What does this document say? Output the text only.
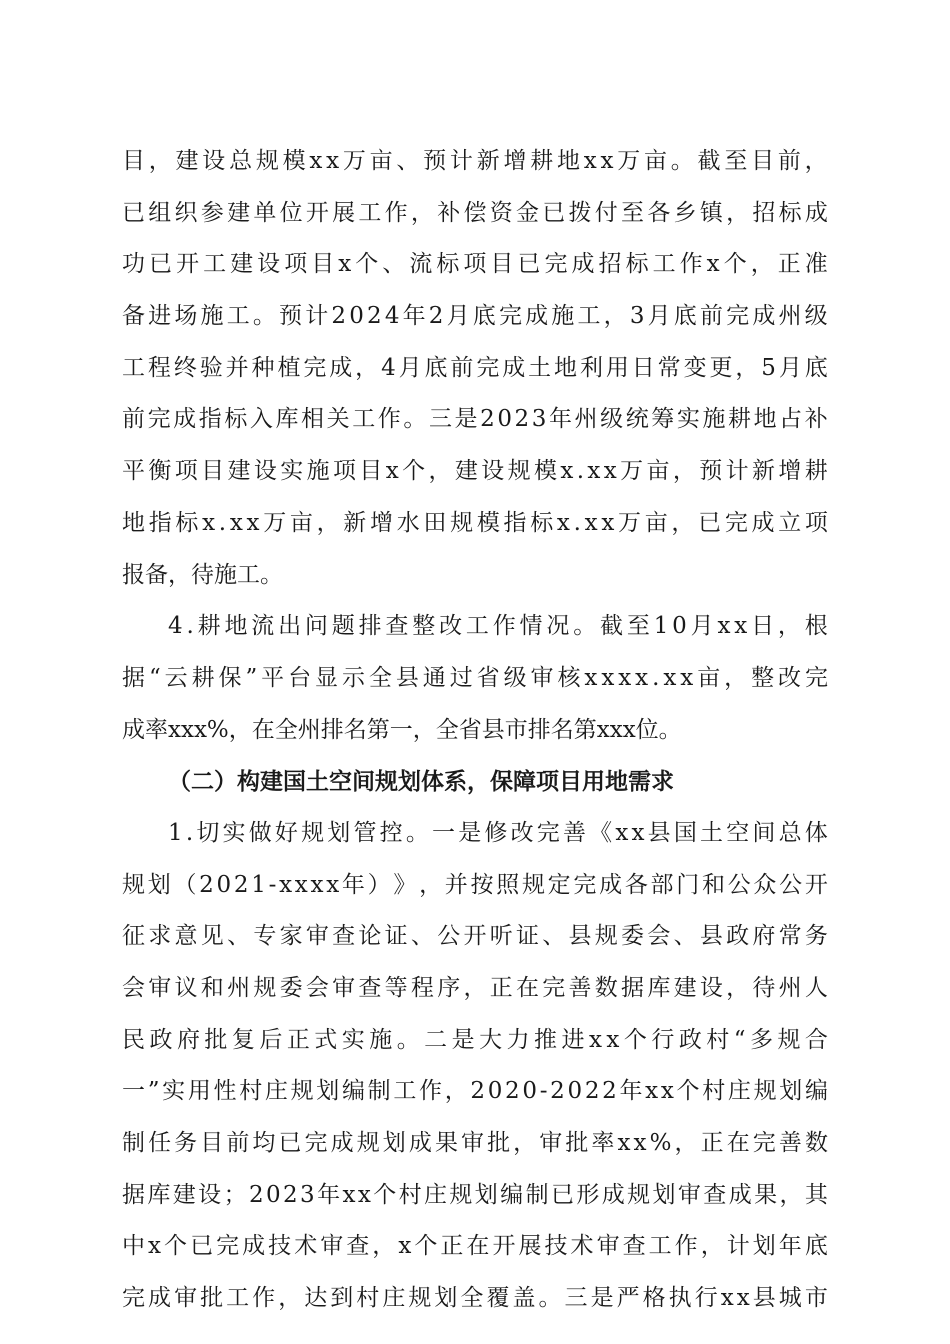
目 ， 建 设 总 规 模 x x 万 亩 、 预 计 新 增 耕 地 x x 万 亩 。 截 至 目 前 ，
已 组 织 参 建 单 位 开 展 工 作 ， 补 偿 资 金 已 拨 付 至 各 乡 镇 ， 招 标 成
功 已 开 工 建 设 项 目 x 个 、 流 标 项 目 已 完 成 招 标 工 作 x 个 ， 正 准
备 进 场 施 工 。 预 计 2 0 2 4 年 2 月 底 完 成 施 工 ， 3 月 底 前 完 成 州 级
工 程 终 验 并 种 植 完 成 ， 4 月 底 前 完 成 土 地 利 用 日 常 变 更 ， 5 月 底
前 完 成 指 标 入 库 相 关 工 作 。 三 是 2 0 2 3 年 州 级 统 筹 实 施 耕 地 占 补
平 衡 项 目 建 设 实 施 项 目 x 个 ， 建 设 规 模 x . x x 万 亩 ， 预 计 新 增 耕
地 指 标 x . x x 万 亩 ， 新 增 水 田 规 模 指 标 x . x x 万 亩 ， 已 完 成 立 项
报备，待施工。
4 . 耕 地 流 出 问 题 排 查 整 改 工 作 情 况 。 截 至 1 0 月 x x 日 ， 根
据 “ 云 耕 保 ” 平 台 显 示 全 县 通 过 省 级 审 核 x x x x . x x 亩 ， 整 改 完
成率xxx%，在全州排名第一，全省县市排名第xxx位。
（二）构建国土空间规划体系，保障项目用地需求
1 . 切 实 做 好 规 划 管 控 。 一 是 修 改 完 善 《 x x 县 国 土 空 间 总 体
规 划 （ 2 0 2 1 - x x x x 年 ） 》 ， 并 按 照 规 定 完 成 各 部 门 和 公 众 公 开
征 求 意 见 、 专 家 审 查 论 证 、 公 开 听 证 、 县 规 委 会 、 县 政 府 常 务
会 审 议 和 州 规 委 会 审 查 等 程 序 ， 正 在 完 善 数 据 库 建 设 ， 待 州 人
民 政 府 批 复 后 正 式 实 施 。 二 是 大 力 推 进 x x 个 行 政 村 “ 多 规 合
一 ” 实 用 性 村 庄 规 划 编 制 工 作 ， 2 0 2 0 - 2 0 2 2 年 x x 个 村 庄 规 划 编
制 任 务 目 前 均 已 完 成 规 划 成 果 审 批 ， 审 批 率 x x % ， 正 在 完 善 数
据 库 建 设 ； 2 0 2 3 年 x x 个 村 庄 规 划 编 制 已 形 成 规 划 审 查 成 果 ， 其
中 x 个 已 完 成 技 术 审 查 ， x 个 正 在 开 展 技 术 审 查 工 作 ， 计 划 年 底
完 成 审 批 工 作 ， 达 到 村 庄 规 划 全 覆 盖 。 三 是 严 格 执 行 x x 县 城 市
